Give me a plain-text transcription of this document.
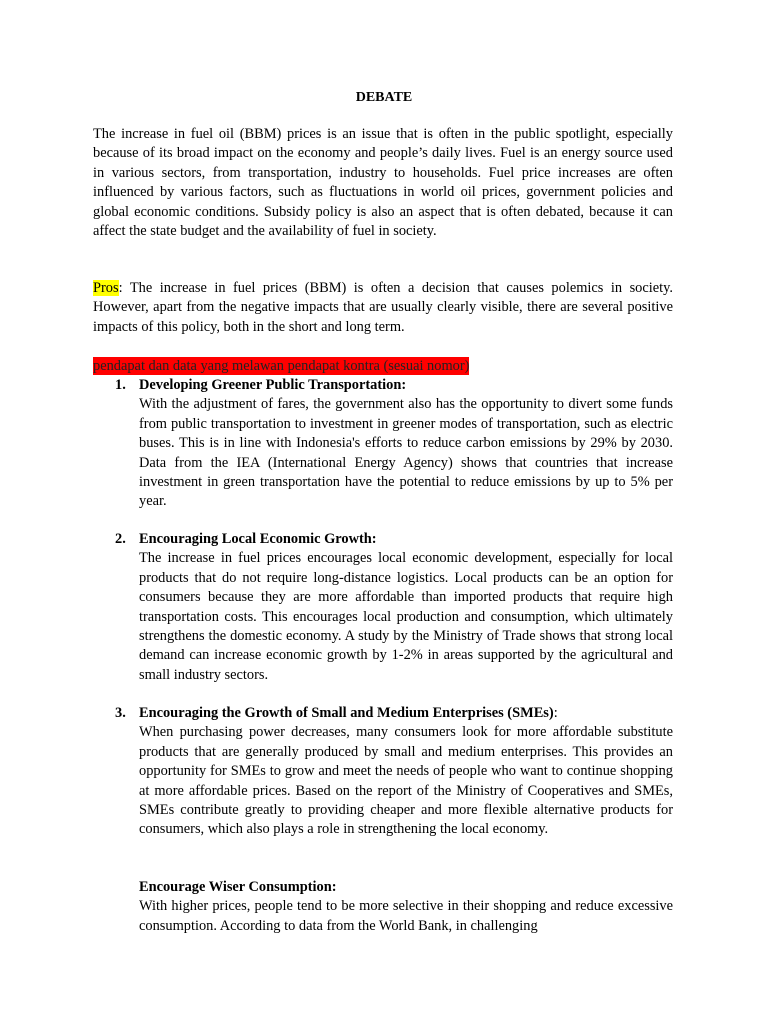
DEBATE

The increase in fuel oil (BBM) prices is an issue that is often in the public spotlight, especially because of its broad impact on the economy and people’s daily lives. Fuel is an energy source used in various sectors, from transportation, industry to households. Fuel price increases are often influenced by various factors, such as fluctuations in world oil prices, government policies and global economic conditions. Subsidy policy is also an aspect that is often debated, because it can affect the state budget and the availability of fuel in society.

Pros: The increase in fuel prices (BBM) is often a decision that causes polemics in society. However, apart from the negative impacts that are usually clearly visible, there are several positive impacts of this policy, both in the short and long term.

pendapat dan data yang melawan pendapat kontra (sesuai nomor)
1. Developing Greener Public Transportation:
With the adjustment of fares, the government also has the opportunity to divert some funds from public transportation to investment in greener modes of transportation, such as electric buses. This is in line with Indonesia's efforts to reduce carbon emissions by 29% by 2030. Data from the IEA (International Energy Agency) shows that countries that increase investment in green transportation have the potential to reduce emissions by up to 5% per year.
2. Encouraging Local Economic Growth:
The increase in fuel prices encourages local economic development, especially for local products that do not require long-distance logistics. Local products can be an option for consumers because they are more affordable than imported products that require high transportation costs. This encourages local production and consumption, which ultimately strengthens the domestic economy. A study by the Ministry of Trade shows that strong local demand can increase economic growth by 1-2% in areas supported by the agricultural and small industry sectors.
3. Encouraging the Growth of Small and Medium Enterprises (SMEs):
When purchasing power decreases, many consumers look for more affordable substitute products that are generally produced by small and medium enterprises. This provides an opportunity for SMEs to grow and meet the needs of people who want to continue shopping at more affordable prices. Based on the report of the Ministry of Cooperatives and SMEs, SMEs contribute greatly to providing cheaper and more flexible alternative products for consumers, which also plays a role in strengthening the local economy.
Encourage Wiser Consumption:
With higher prices, people tend to be more selective in their shopping and reduce excessive consumption. According to data from the World Bank, in challenging
